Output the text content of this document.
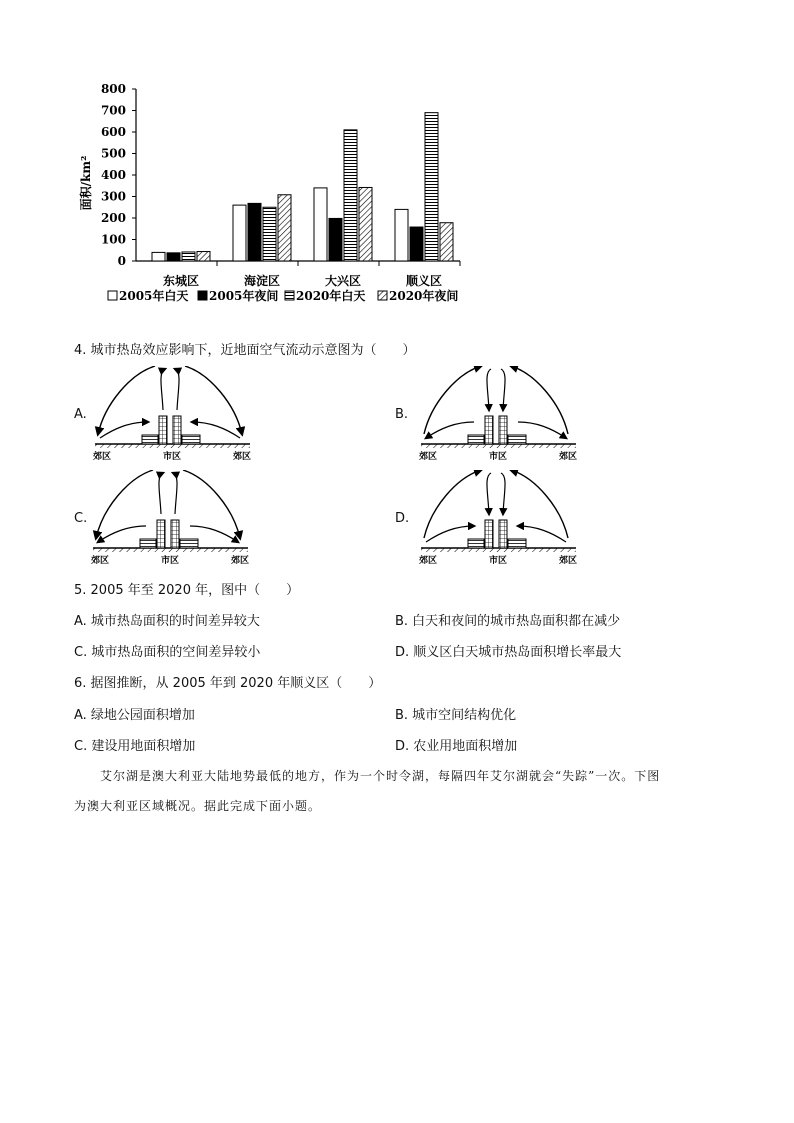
0
100
200
300
400
500
600
700
800
东城区	海淀区	大兴区	顺义区
面积/km²
2005年白天 2005年夜间 2020年白天 2020年夜间
4. 城市热岛效应影响下，近地面空气流动示意图为（　　）
A.	B.
C.	D.
郊区	市区	郊区	郊区	市区	郊区
郊区	市区	郊区	郊区	市区	郊区
5. 2005 年至 2020 年，图中（　　）
A. 城市热岛面积的时间差异较大	B. 白天和夜间的城市热岛面积都在减少
C. 城市热岛面积的空间差异较小	D. 顺义区白天城市热岛面积增长率最大
6. 据图推断，从 2005 年到 2020 年顺义区（　　）
A. 绿地公园面积增加	B. 城市空间结构优化
C. 建设用地面积增加	D. 农业用地面积增加
艾尔湖是澳大利亚大陆地势最低的地方，作为一个时令湖，每隔四年艾尔湖就会“失踪”一次。下图
为澳大利亚区域概况。据此完成下面小题。
